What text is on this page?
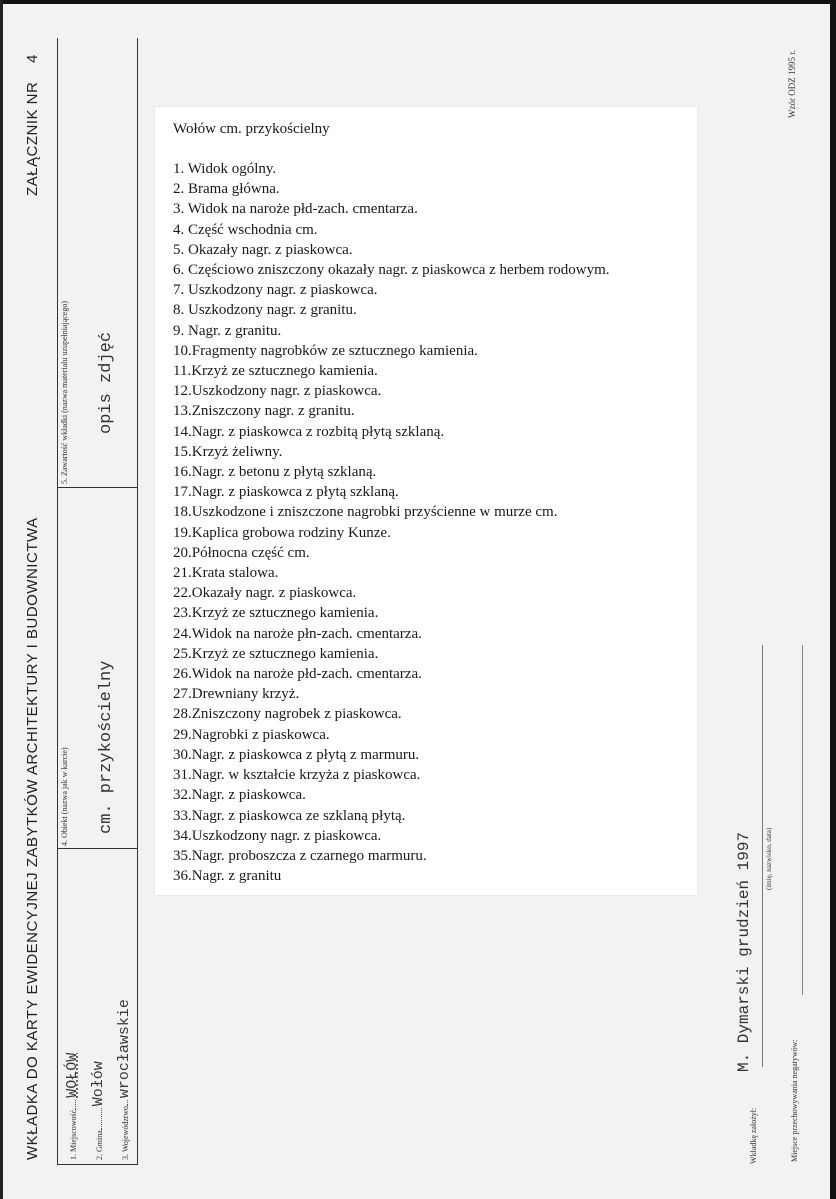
WKŁADKA DO KARTY EWIDENCYJNEJ ZABYTKÓW ARCHITEKTURY I BUDOWNICTWA
ZAŁĄCZNIK NR    4	Wzór ODZ 1995 r.
1. Miejscowość WOŁÓW
2. Gmina Wołów
3. Województwo wrocławskie
4. Obiekt (nazwa jak w karcie) cm. przykościelny
5. Zawartość wkładki (nazwa materiału uzupełniającego) opis zdjęć
Wkładkę założył:
M. Dymarski grudzień 1997 (imię, nazwisko, data)
Miejsce przechowywania negatywów:
Wołów cm. przykościelny
1. Widok ogólny.
2. Brama główna.
3. Widok na naroże płd-zach. cmentarza.
4. Część wschodnia cm.
5. Okazały nagr. z piaskowca.
6. Częściowo zniszczony okazały nagr. z piaskowca z herbem rodowym.
7. Uszkodzony nagr. z piaskowca.
8. Uszkodzony nagr. z granitu.
9. Nagr. z granitu.
10.Fragmenty nagrobków ze sztucznego kamienia.
11.Krzyż ze sztucznego kamienia.
12.Uszkodzony nagr. z piaskowca.
13.Zniszczony nagr. z granitu.
14.Nagr. z piaskowca z rozbitą płytą szklaną.
15.Krzyż żeliwny.
16.Nagr. z betonu z płytą szklaną.
17.Nagr. z piaskowca z płytą szklaną.
18.Uszkodzone i zniszczone nagrobki przyścienne w murze cm.
19.Kaplica grobowa rodziny Kunze.
20.Północna część cm.
21.Krata stalowa.
22.Okazały nagr. z piaskowca.
23.Krzyż ze sztucznego kamienia.
24.Widok na naroże płn-zach. cmentarza.
25.Krzyż ze sztucznego kamienia.
26.Widok na naroże płd-zach. cmentarza.
27.Drewniany krzyż.
28.Zniszczony nagrobek z piaskowca.
29.Nagrobki z piaskowca.
30.Nagr. z piaskowca z płytą z marmuru.
31.Nagr. w kształcie krzyża z piaskowca.
32.Nagr. z piaskowca.
33.Nagr. z piaskowca ze szklaną płytą.
34.Uszkodzony nagr. z piaskowca.
35.Nagr. proboszcza z czarnego marmuru.
36.Nagr. z granitu
